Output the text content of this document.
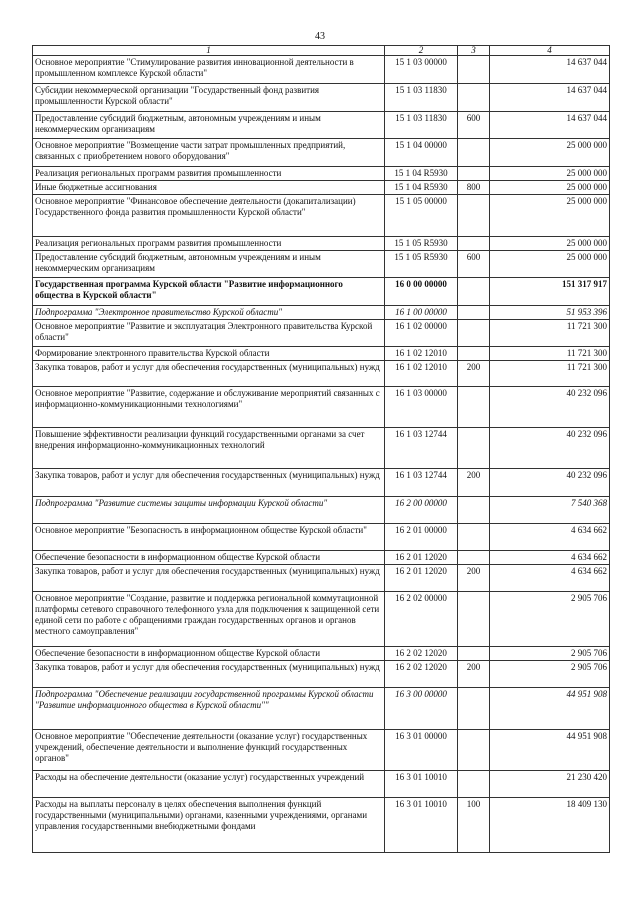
43
1	2	3	4
Основное мероприятие "Стимулирование развития инновационной деятельности в промышленном комплексе Курской области"	15 1 03 00000		14 637 044
Субсидии некоммерческой организации "Государственный фонд развития промышленности Курской области"	15 1 03 11830		14 637 044
Предоставление субсидий бюджетным, автономным учреждениям и иным некоммерческим организациям	15 1 03 11830	600	14 637 044
Основное мероприятие "Возмещение части затрат промышленных предприятий, связанных с приобретением нового оборудования"	15 1 04 00000		25 000 000
Реализация региональных программ развития промышленности	15 1 04 R5930		25 000 000
Иные бюджетные ассигнования	15 1 04 R5930	800	25 000 000
Основное мероприятие "Финансовое обеспечение деятельности (докапитализации) Государственного фонда развития промышленности Курской области"	15 1 05 00000		25 000 000
Реализация региональных программ развития промышленности	15 1 05 R5930		25 000 000
Предоставление субсидий бюджетным, автономным учреждениям и иным некоммерческим организациям	15 1 05 R5930	600	25 000 000
Государственная программа Курской области "Развитие информационного общества в Курской области"	16 0 00 00000		151 317 917
Подпрограмма "Электронное правительство Курской области"	16 1 00 00000		51 953 396
Основное мероприятие "Развитие и эксплуатация Электронного правительства Курской области"	16 1 02 00000		11 721 300
Формирование электронного правительства Курской области	16 1 02 12010		11 721 300
Закупка товаров, работ и услуг для обеспечения государственных (муниципальных) нужд	16 1 02 12010	200	11 721 300
Основное мероприятие "Развитие, содержание и обслуживание мероприятий связанных с информационно-коммуникационными технологиями"	16 1 03 00000		40 232 096
Повышение эффективности реализации функций государственными органами за счет внедрения информационно-коммуникационных технологий	16 1 03 12744		40 232 096
Закупка товаров, работ и услуг для обеспечения государственных (муниципальных) нужд	16 1 03 12744	200	40 232 096
Подпрограмма "Развитие системы защиты информации Курской области"	16 2 00 00000		7 540 368
Основное мероприятие "Безопасность в информационном обществе Курской области"	16 2 01 00000		4 634 662
Обеспечение безопасности в информационном обществе Курской области	16 2 01 12020		4 634 662
Закупка товаров, работ и услуг для обеспечения государственных (муниципальных) нужд	16 2 01 12020	200	4 634 662
Основное мероприятие "Создание, развитие и поддержка региональной коммутационной платформы сетевого справочного телефонного узла для подключения к защищенной сети единой сети по работе с обращениями граждан государственных органов и органов местного самоуправления"	16 2 02 00000		2 905 706
Обеспечение безопасности в информационном обществе Курской области	16 2 02 12020		2 905 706
Закупка товаров, работ и услуг для обеспечения государственных (муниципальных) нужд	16 2 02 12020	200	2 905 706
Подпрограмма "Обеспечение реализации государственной программы Курской области "Развитие информационного общества в Курской области""	16 3 00 00000		44 951 908
Основное мероприятие "Обеспечение деятельности (оказание услуг) государственных учреждений, обеспечение деятельности и выполнение функций государственных органов"	16 3 01 00000		44 951 908
Расходы на обеспечение деятельности (оказание услуг) государственных учреждений	16 3 01 10010		21 230 420
Расходы на выплаты персоналу в целях обеспечения выполнения функций государственными (муниципальными) органами, казенными учреждениями, органами управления государственными внебюджетными фондами	16 3 01 10010	100	18 409 130
